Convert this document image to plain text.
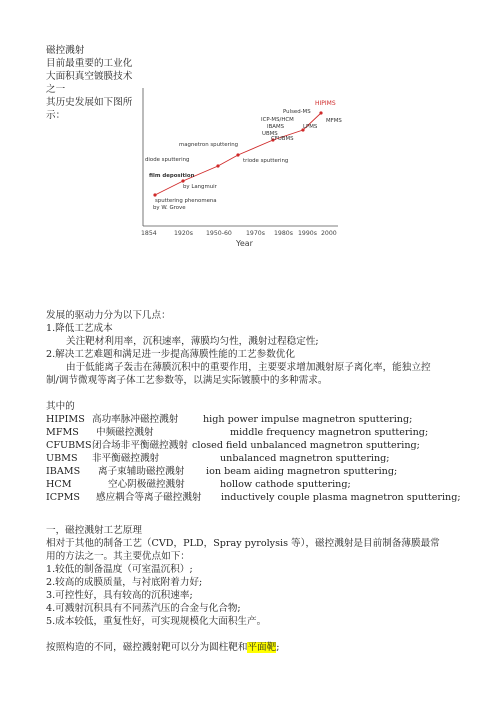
磁控溅射
目前最重要的工业化
大面积真空镀膜技术
之一
其历史发展如下图所
示：
sputtering phenomena
by W. Grove
film deposition
by Langmuir
diode sputtering
magnetron sputtering
triode sputtering
UBMS
CFUBMS
IBAMS
ICP-MS/HCM
LPMS
Pulsed-MS
MFMS
HIPIMS
1854	1920s 1950-60 1970s 1980s 1990s 2000
Year
发展的驱动力分为以下几点：
1.降低工艺成本
关注靶材利用率，沉积速率，薄膜均匀性，溅射过程稳定性;
2.解决工艺难题和满足进一步提高薄膜性能的工艺参数优化
由于低能离子轰击在薄膜沉积中的重要作用，主要要求增加溅射原子离化率，能独立控
制/调节微观等离子体工艺参数等，以满足实际镀膜中的多种需求。
其中的
HIPIMS 高功率脉冲磁控溅射	high power impulse magnetron sputtering;
MFMS 中频磁控溅射	middle frequency magnetron sputtering;
CFUBMS 闭合场非平衡磁控溅射 closed field unbalanced magnetron sputtering;
UBMS 非平衡磁控溅射	unbalanced magnetron sputtering;
IBAMS 离子束辅助磁控溅射 ion beam aiding magnetron sputtering;
HCM	空心阴极磁控溅射	hollow cathode sputtering;
ICPMS 感应耦合等离子磁控溅射 inductively couple plasma magnetron sputtering;
一，磁控溅射工艺原理
相对于其他的制备工艺（CVD，PLD，Spray pyrolysis 等），磁控溅射是目前制备薄膜最常
用的方法之一。其主要优点如下：
1.较低的制备温度（可室温沉积）;
2.较高的成膜质量，与衬底附着力好;
3.可控性好，具有较高的沉积速率;
4.可溅射沉积具有不同蒸汽压的合金与化合物;
5.成本较低，重复性好，可实现规模化大面积生产。
按照构造的不同，磁控溅射靶可以分为圆柱靶和平面靶;
